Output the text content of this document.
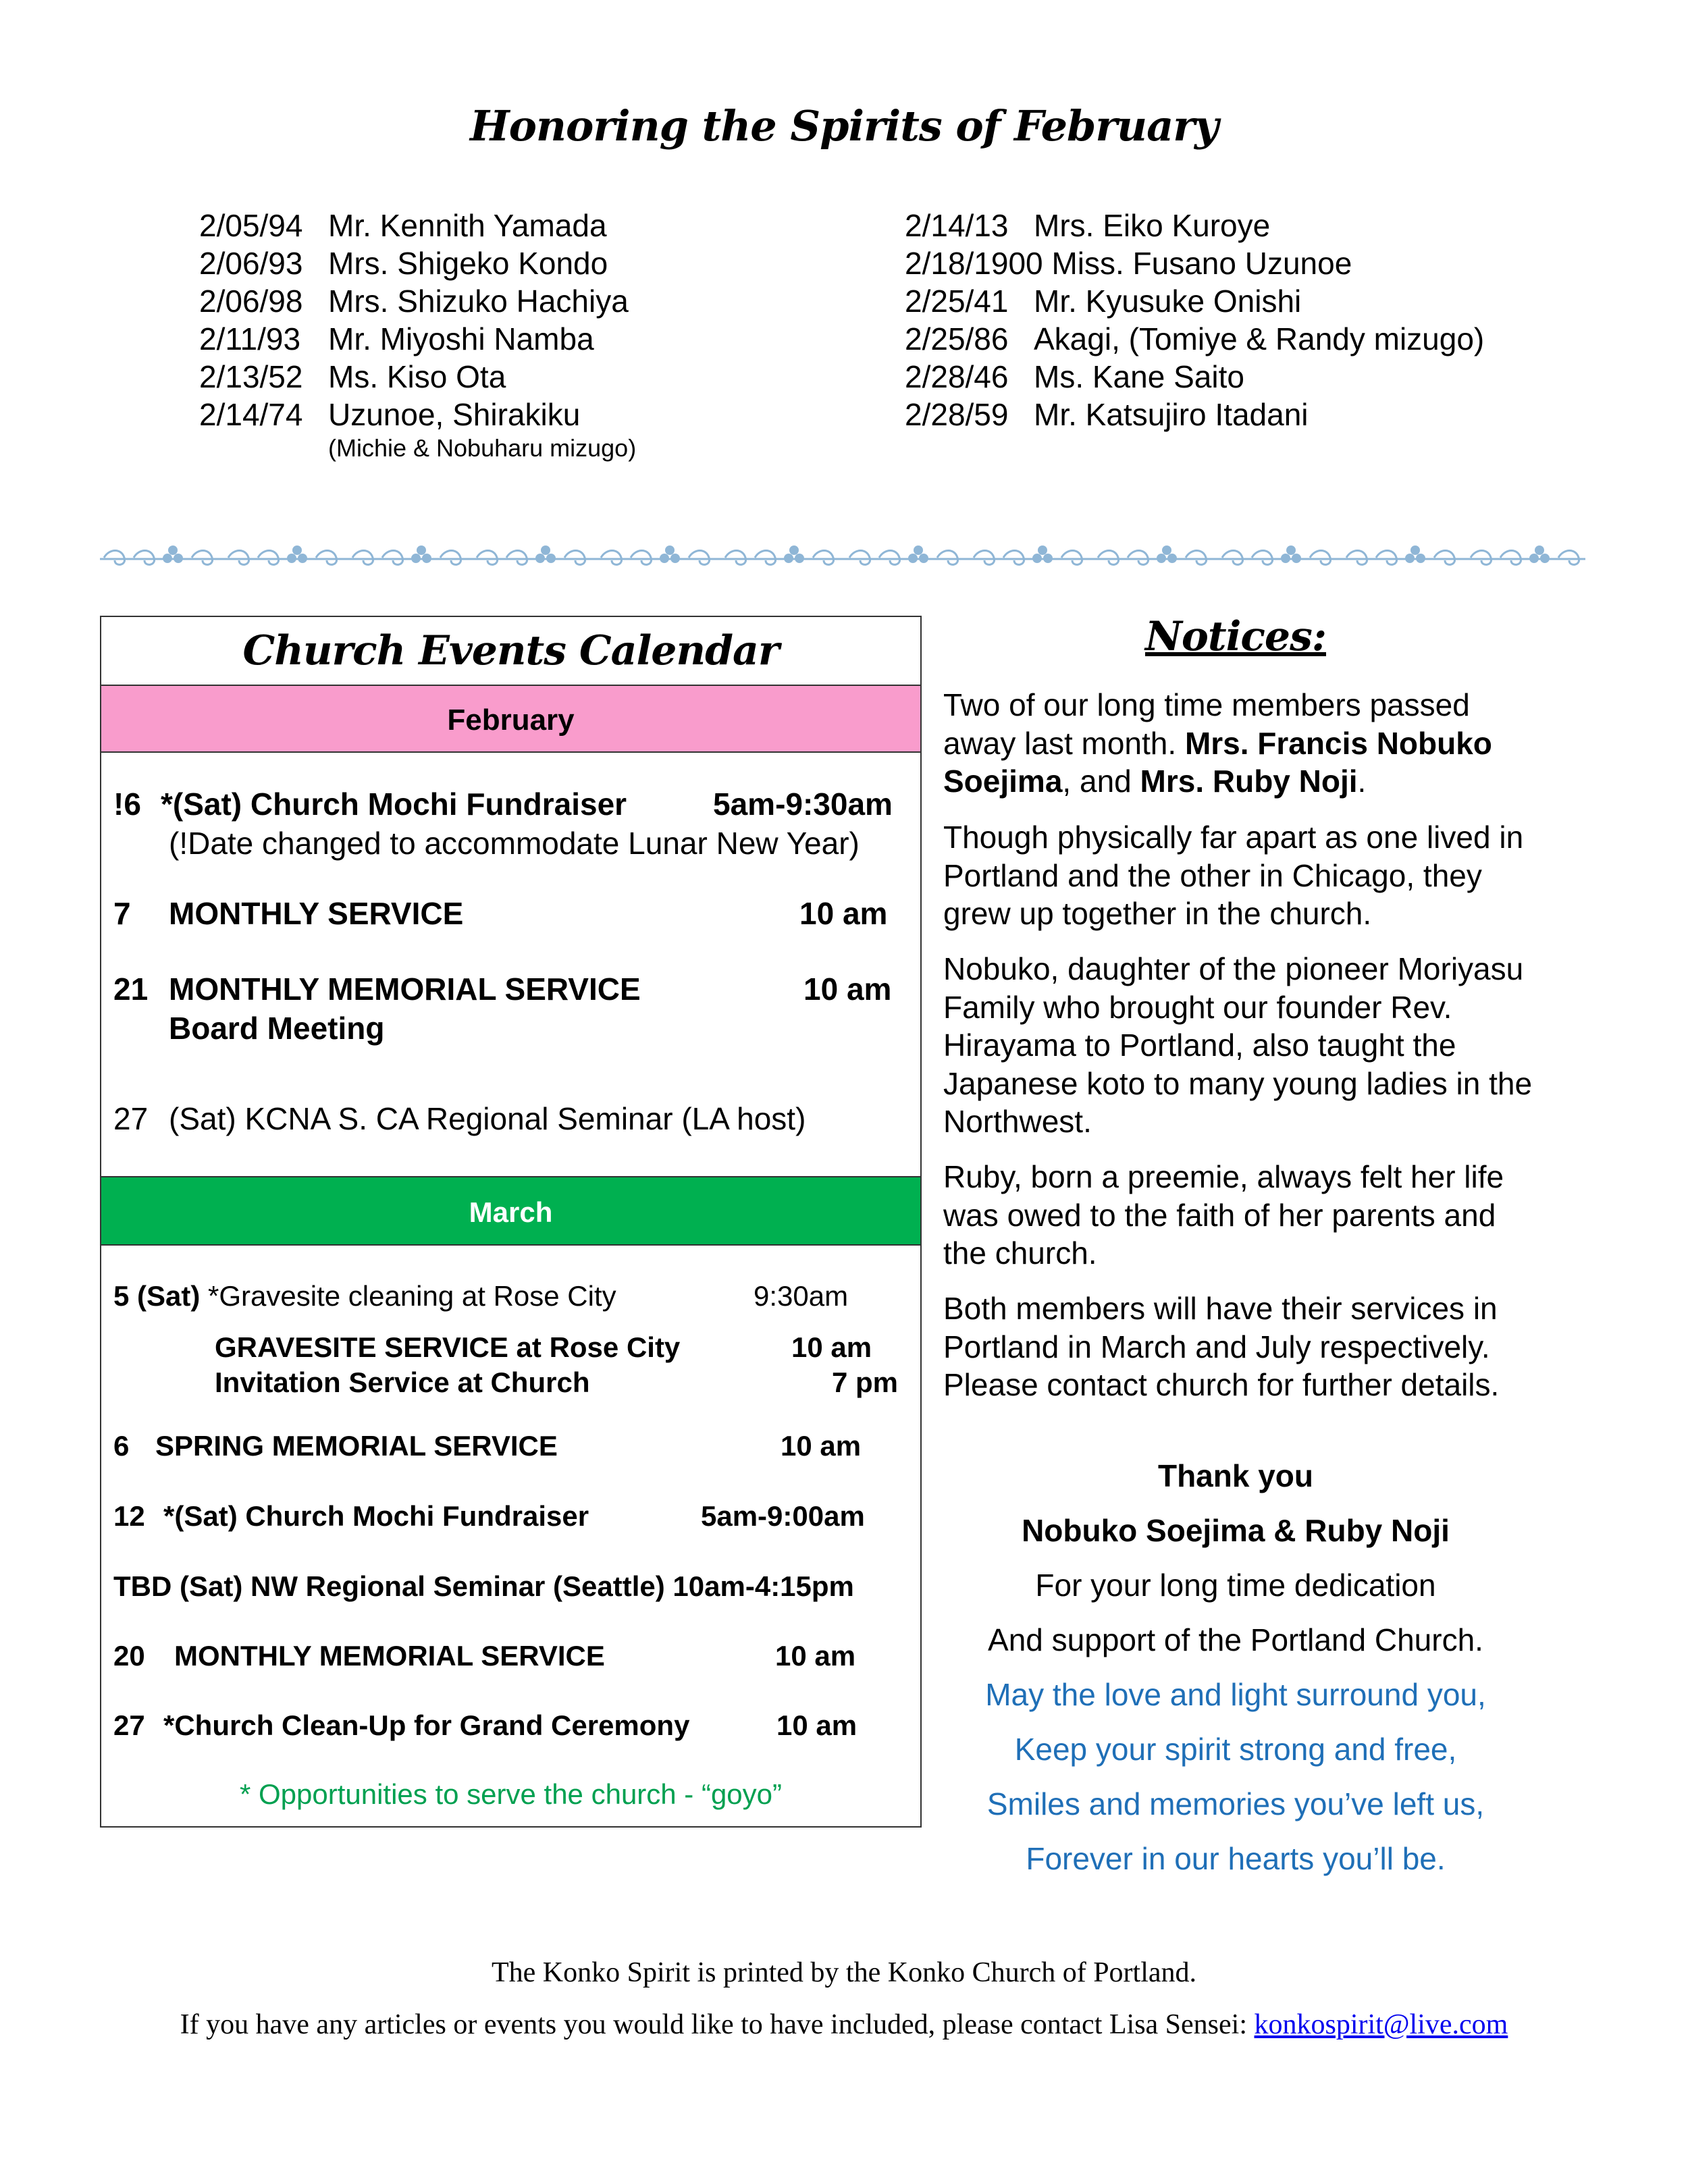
Honoring the Spirits of February
2/05/94 Mr. Kennith Yamada
2/06/93 Mrs. Shigeko Kondo
2/06/98 Mrs. Shizuko Hachiya
2/11/93 Mr. Miyoshi Namba
2/13/52 Ms. Kiso Ota
2/14/74 Uzunoe, Shirakiku
(Michie & Nobuharu mizugo)
2/14/13 Mrs. Eiko Kuroye
2/18/1900 Miss. Fusano Uzunoe
2/25/41 Mr. Kyusuke Onishi
2/25/86 Akagi, (Tomiye & Randy mizugo)
2/28/46 Ms. Kane Saito
2/28/59 Mr. Katsujiro Itadani
Church Events Calendar
February
!6 *(Sat) Church Mochi Fundraiser	5am-9:30am
(!Date changed to accommodate Lunar New Year)
7 MONTHLY SERVICE	10 am
21 MONTHLY MEMORIAL SERVICE	10 am
Board Meeting
27 (Sat) KCNA S. CA Regional Seminar (LA host)
March
5 (Sat) *Gravesite cleaning at Rose City	9:30am
GRAVESITE SERVICE at Rose City	10 am
Invitation Service at Church	7 pm
6 SPRING MEMORIAL SERVICE	10 am
12 *(Sat) Church Mochi Fundraiser	5am-9:00am
TBD (Sat) NW Regional Seminar (Seattle) 10am-4:15pm
20 MONTHLY MEMORIAL SERVICE	10 am
27 *Church Clean-Up for Grand Ceremony	10 am
* Opportunities to serve the church - “goyo”
Notices:
Two of our long time members passed away last month. Mrs. Francis Nobuko Soejima, and Mrs. Ruby Noji.
Though physically far apart as one lived in Portland and the other in Chicago, they grew up together in the church.
Nobuko, daughter of the pioneer Moriyasu Family who brought our founder Rev. Hirayama to Portland, also taught the Japanese koto to many young ladies in the Northwest.
Ruby, born a preemie, always felt her life was owed to the faith of her parents and the church.
Both members will have their services in Portland in March and July respectively. Please contact church for further details.
Thank you
Nobuko Soejima & Ruby Noji
For your long time dedication
And support of the Portland Church.
May the love and light surround you,
Keep your spirit strong and free,
Smiles and memories you’ve left us,
Forever in our hearts you’ll be.
The Konko Spirit is printed by the Konko Church of Portland.
If you have any articles or events you would like to have included, please contact Lisa Sensei: konkospirit@live.com
